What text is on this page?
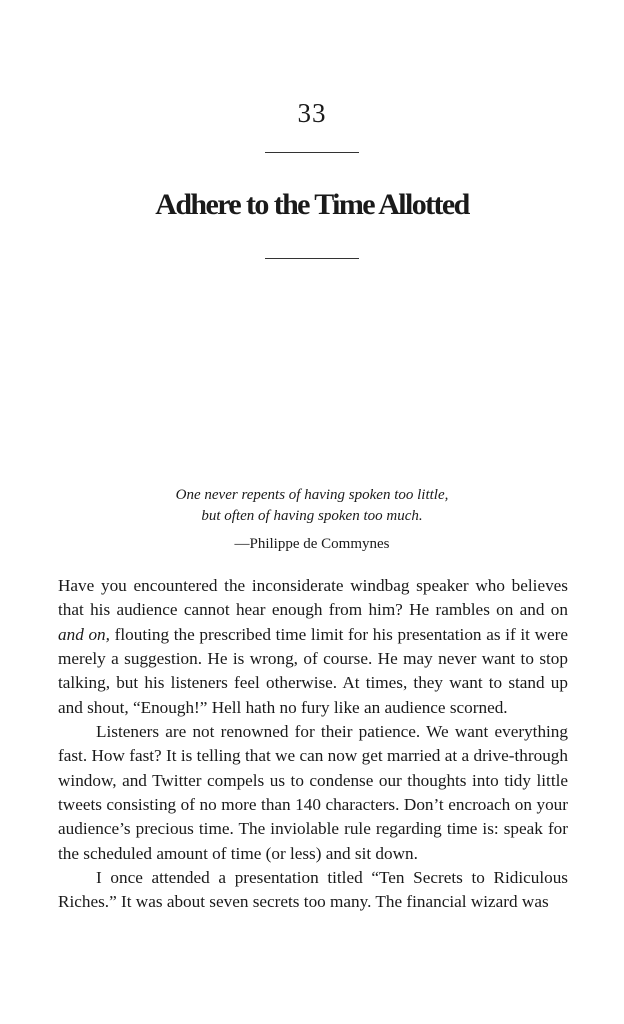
33
Adhere to the Time Allotted
One never repents of having spoken too little,
but often of having spoken too much.
—Philippe de Commynes

Have you encountered the inconsiderate windbag speaker who believes that his audience cannot hear enough from him? He rambles on and on and on, flouting the prescribed time limit for his presentation as if it were merely a suggestion. He is wrong, of course. He may never want to stop talking, but his listeners feel otherwise. At times, they want to stand up and shout, “Enough!” Hell hath no fury like an audience scorned.

Listeners are not renowned for their patience. We want everything fast. How fast? It is telling that we can now get married at a drive-through window, and Twitter compels us to condense our thoughts into tidy little tweets consisting of no more than 140 characters. Don’t encroach on your audience’s precious time. The inviolable rule regarding time is: speak for the scheduled amount of time (or less) and sit down.

I once attended a presentation titled “Ten Secrets to Ridiculous Riches.” It was about seven secrets too many. The financial wizard was
